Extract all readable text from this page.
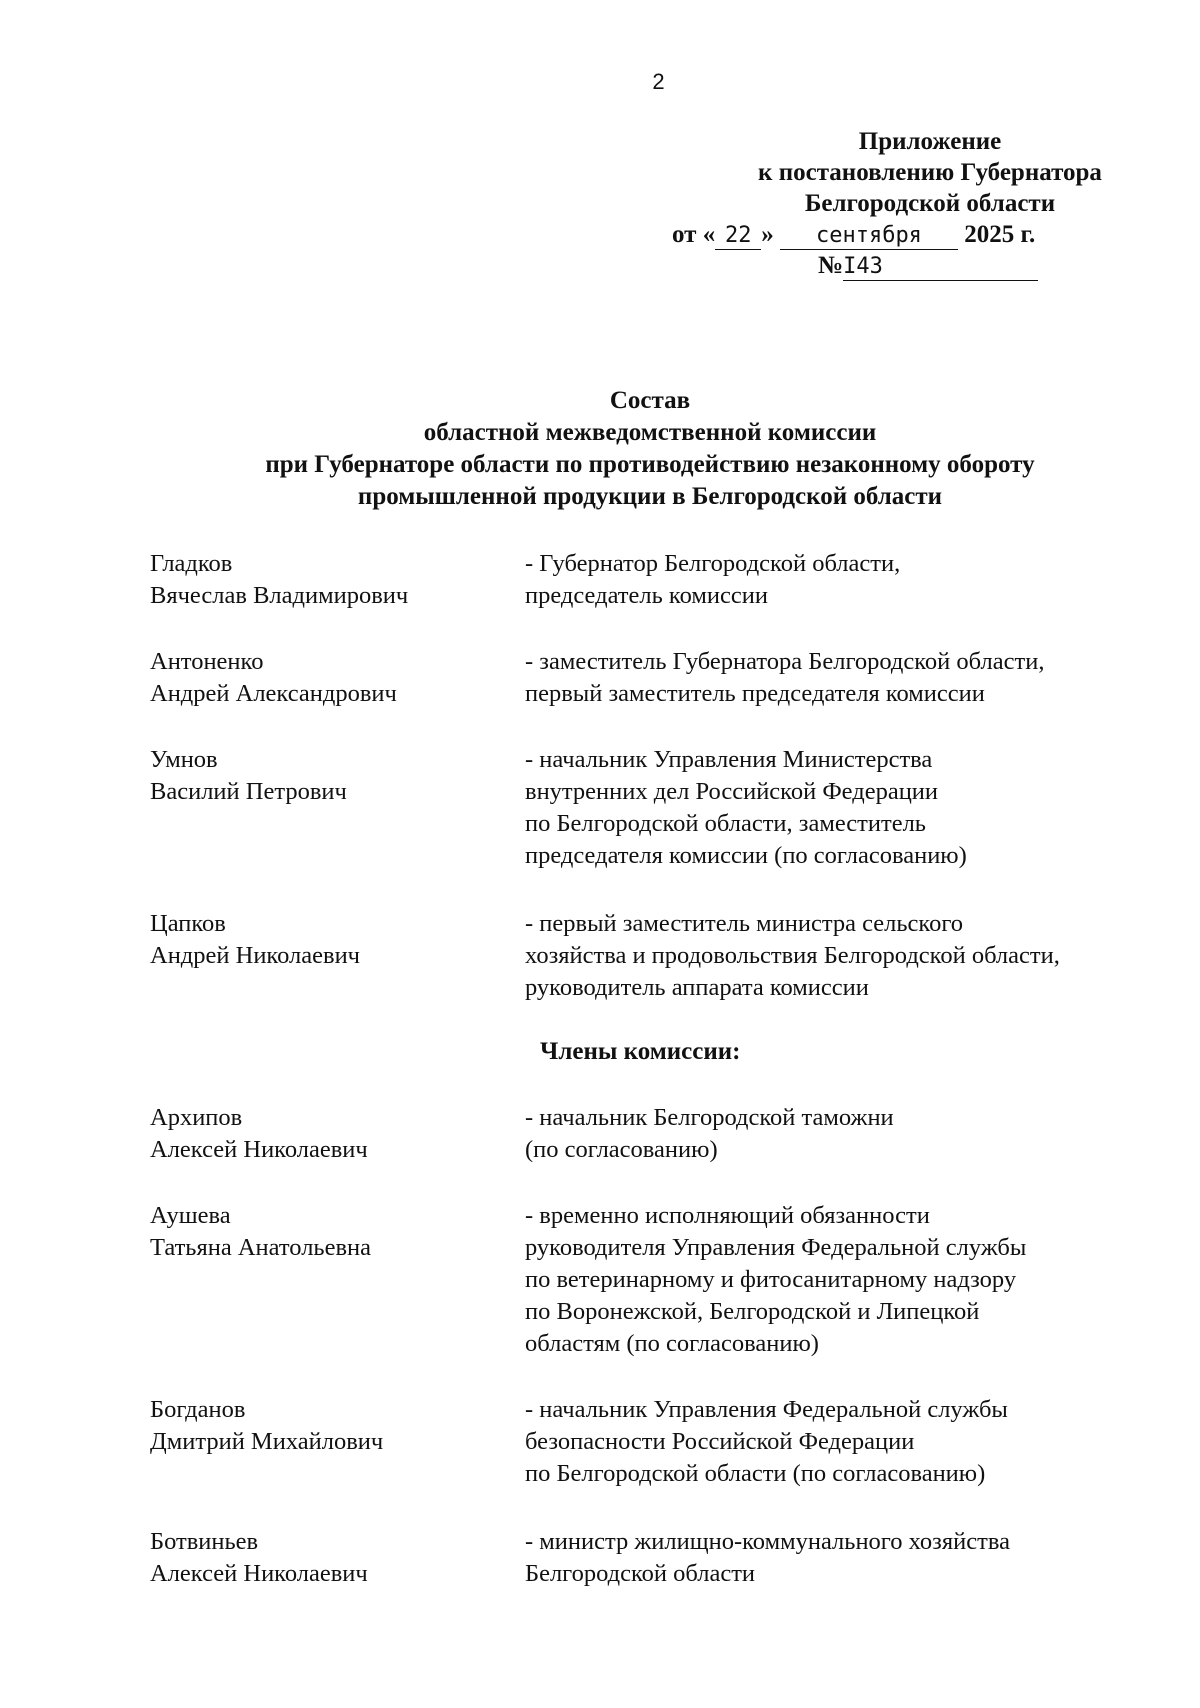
2
Приложение
к постановлению Губернатора
Белгородской области
от « 22 » сентября 2025 г.
№I43
Состав
областной межведомственной комиссии
при Губернаторе области по противодействию незаконному обороту
промышленной продукции в Белгородской области
Гладков
Вячеслав Владимирович
- Губернатор Белгородской области,
председатель комиссии
Антоненко
Андрей Александрович
- заместитель Губернатора Белгородской области,
первый заместитель председателя комиссии
Умнов
Василий Петрович
- начальник Управления Министерства
внутренних дел Российской Федерации
по Белгородской области, заместитель
председателя комиссии (по согласованию)
Цапков
Андрей Николаевич
- первый заместитель министра сельского
хозяйства и продовольствия Белгородской области,
руководитель аппарата комиссии
Члены комиссии:
Архипов
Алексей Николаевич
- начальник Белгородской таможни
(по согласованию)
Аушева
Татьяна Анатольевна
- временно исполняющий обязанности
руководителя Управления Федеральной службы
по ветеринарному и фитосанитарному надзору
по Воронежской, Белгородской и Липецкой
областям (по согласованию)
Богданов
Дмитрий Михайлович
- начальник Управления Федеральной службы
безопасности Российской Федерации
по Белгородской области (по согласованию)
Ботвиньев
Алексей Николаевич
- министр жилищно-коммунального хозяйства
Белгородской области
